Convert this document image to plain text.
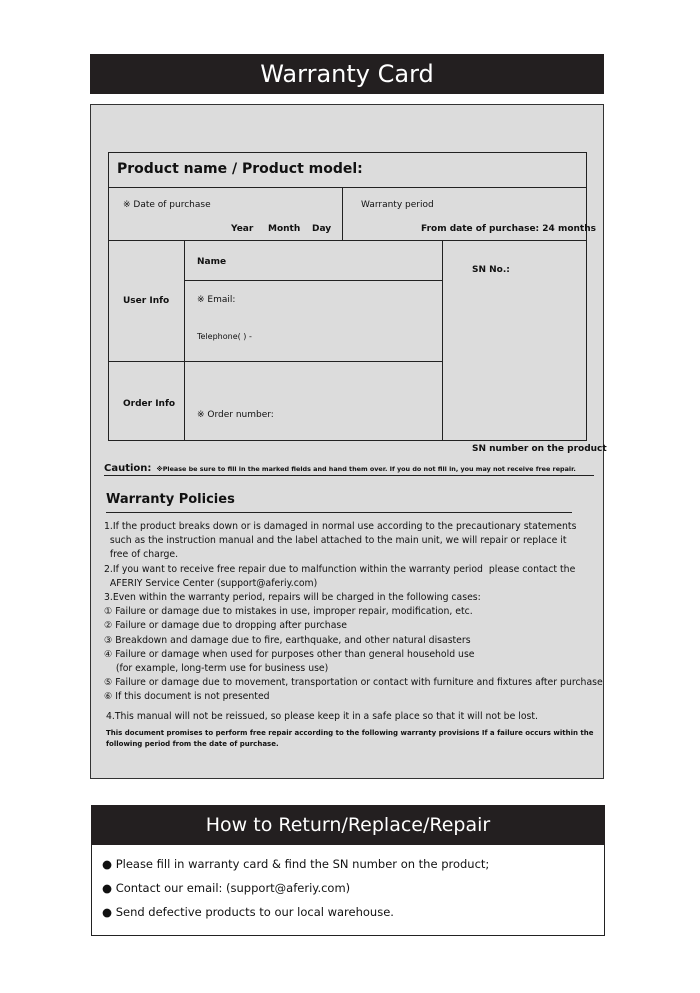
Warranty Card
Product name / Product model:
※ Date of purchase
Year Month Day
Warranty period
From date of purchase: 24 months
User Info
Name
※ Email:
Telephone( ) -
SN No.:
Order Info
※ Order number:
SN number on the product
Caution: ※Please be sure to fill in the marked fields and hand them over. If you do not fill in, you may not receive free repair.
Warranty Policies
1.If the product breaks down or is damaged in normal use according to the precautionary statements
such as the instruction manual and the label attached to the main unit, we will repair or replace it
free of charge.
2.If you want to receive free repair due to malfunction within the warranty period  please contact the
AFERIY Service Center (support@aferiy.com)
3.Even within the warranty period, repairs will be charged in the following cases:
① Failure or damage due to mistakes in use, improper repair, modification, etc.
② Failure or damage due to dropping after purchase
③ Breakdown and damage due to fire, earthquake, and other natural disasters
④ Failure or damage when used for purposes other than general household use
(for example, long-term use for business use)
⑤ Failure or damage due to movement, transportation or contact with furniture and fixtures after purchase
⑥ If this document is not presented
4.This manual will not be reissued, so please keep it in a safe place so that it will not be lost.
This document promises to perform free repair according to the following warranty provisions If a failure occurs within the
following period from the date of purchase.
How to Return/Replace/Repair
● Please fill in warranty card & find the SN number on the product;
● Contact our email: (support@aferiy.com)
● Send defective products to our local warehouse.
